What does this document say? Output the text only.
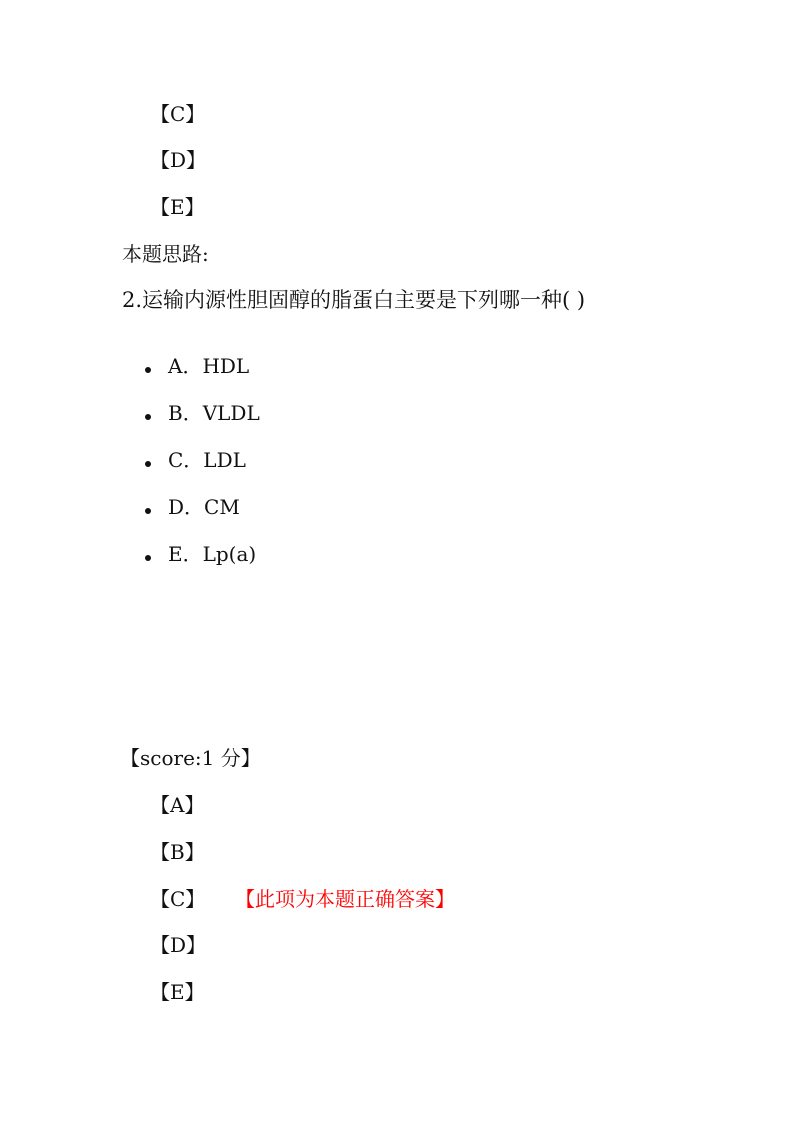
【C】
【D】
【E】
本题思路:
2.运输内源性胆固醇的脂蛋白主要是下列哪一种( )
A．HDL
B．VLDL
C．LDL
D．CM
E．Lp(a)
【score:1 分】
【A】
【B】
【C】 【此项为本题正确答案】
【D】
【E】
